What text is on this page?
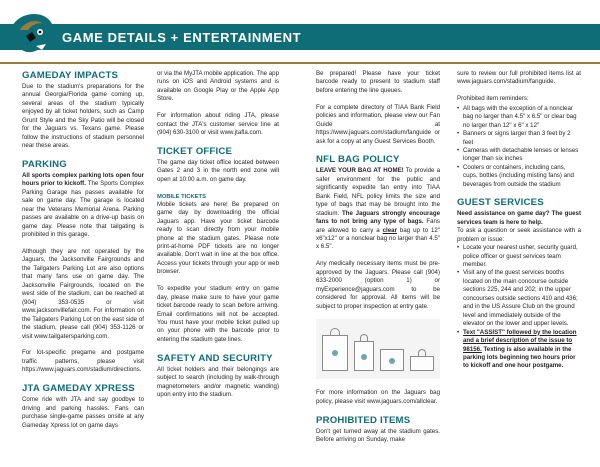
GAME DETAILS + ENTERTAINMENT
GAMEDAY IMPACTS

Due to the stadium's preparations for the annual Georgia/Florida game coming up, several areas of the stadium typically enjoyed by all ticket holders, such as Camp Grunt Style and the Sky Patio will be closed for the Jaguars vs. Texans game. Please follow the instructions of stadium personnel near these areas.

PARKING

All sports complex parking lots open four hours prior to kickoff. The Sports Complex Parking Garage has passes available for sale on game day. The garage is located near the Veterans Memorial Arena. Parking passes are available on a drive-up basis on game day. Please note that tailgating is prohibited in this garage.

Although they are not operated by the Jaguars, the Jacksonville Fairgrounds and the Tailgaters Parking Lot are also options that many fans use on game day. The Jacksonville Fairgrounds, located on the west side of the stadium, can be reached at (904) 353-0535 or visit www.jacksonvillefair.com. For information on the Tailgaters Parking Lot on the east side of the stadium, please call (904) 353-1126 or visit www.tailgatersparking.com.

For lot-specific pregame and postgame traffic patterns, please visit https://www.jaguars.com/stadium/directions.

JTA GAMEDAY XPRESS

Come ride with JTA and say goodbye to driving and parking hassles. Fans can purchase single-game passes onsite at any Gameday Xpress lot on game days

or via the MyJTA mobile application. The app runs on iOS and Android systems and is available on Google Play or the Apple App Store.

For information about riding JTA, please contact the JTA's customer service line at (904) 630-3100 or visit www.jtafla.com.

TICKET OFFICE

The game day ticket office located between Gates 2 and 3 in the north end zone will open at 10:00 a.m. on game day.

MOBILE TICKETS

Mobile tickets are here! Be prepared on game day by downloading the official Jaguars app. Have your ticket barcode ready to scan directly from your mobile phone at the stadium gates. Please note print-at-home PDF tickets are no longer available. Don't wait in line at the box office. Access your tickets through your app or web browser.

To expedite your stadium entry on game day, please make sure to have your game ticket barcode ready to scan before arriving. Email confirmations will not be accepted. You must have your mobile ticket pulled up on your phone with the barcode prior to entering the stadium gate lines.

SAFETY AND SECURITY

All ticket holders and their belongings are subject to search (including by walk-through magnetometers and/or magnetic wanding) upon entry into the stadium.

Be prepared! Please have your ticket barcode ready to present to stadium staff before entering the line queues.

For a complete directory of TIAA Bank Field policies and information, please view our Fan Guide at https://www.jaguars.com/stadium/fanguide or ask for a copy at any Guest Services Booth.

NFL BAG POLICY

LEAVE YOUR BAG AT HOME! To provide a safer environment for the public and significantly expedite fan entry into TIAA Bank Field, NFL policy limits the size and type of bags that may be brought into the stadium. The Jaguars strongly encourage fans to not bring any type of bags. Fans are allowed to carry a clear bag up to 12" x6"x12" or a nonclear bag no larger than 4.5" x 6.5".

Any medically necessary items must be pre-approved by the Jaguars. Please call (904) 633-2000 (option 1) or myExperience@jaguars.com to be considered for approval. All items will be subject to proper inspection at entry gate.

For more information on the Jaguars bag policy, please visit www.jaguars.com/allclear.

PROHIBITED ITEMS

Don't get turned away at the stadium gates. Before arriving on Sunday, make

sure to review our full prohibited items list at www.jaguars.com/stadium/fanguide.

Prohibited item reminders:

• All bags with the exception of a nonclear bag no larger than 4.5" x 6.5" or clear bag no larger than 12" x 6" x 12"
• Banners or signs larger than 3 feet by 2 feet
• Cameras with detachable lenses or lenses longer than six inches
• Coolers or containers, including cans, cups, bottles (including misting fans) and beverages from outside the stadium
GUEST SERVICES

Need assistance on game day? The guest services team is here to help.

To ask a question or seek assistance with a problem or issue:

• Locate your nearest usher, security guard, police officer or guest services team member.
• Visit any of the guest services booths located on the main concourse outside sections 225, 244 and 202; in the upper concourses outside sections 410 and 436; and in the US Assure Club on the ground level and immediately outside of the elevator on the lower and upper levels.
• Text "ASSIST" followed by the location and a brief description of the issue to 98156. Texting is also available in the parking lots beginning two hours prior to kickoff and one hour postgame.
